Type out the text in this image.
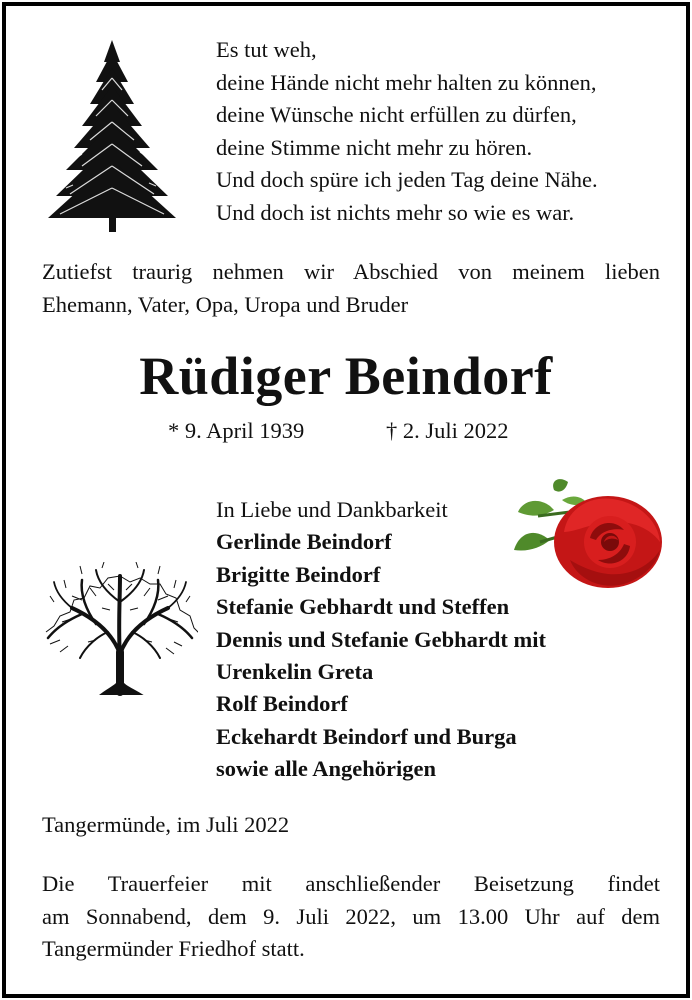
Es tut weh,
deine Hände nicht mehr halten zu können,
deine Wünsche nicht erfüllen zu dürfen,
deine Stimme nicht mehr zu hören.
Und doch spüre ich jeden Tag deine Nähe.
Und doch ist nichts mehr so wie es war.
Zutiefst traurig nehmen wir Abschied von meinem lieben
Ehemann, Vater, Opa, Uropa und Bruder
Rüdiger Beindorf
* 9. April 1939	† 2. Juli 2022
In Liebe und Dankbarkeit
Gerlinde Beindorf
Brigitte Beindorf
Stefanie Gebhardt und Steffen
Dennis und Stefanie Gebhardt mit
Urenkelin Greta
Rolf Beindorf
Eckehardt Beindorf und Burga
sowie alle Angehörigen
Tangermünde, im Juli 2022
Die Trauerfeier mit anschließender Beisetzung findet
am Sonnabend, dem 9. Juli 2022, um 13.00 Uhr auf dem
Tangermünder Friedhof statt.
